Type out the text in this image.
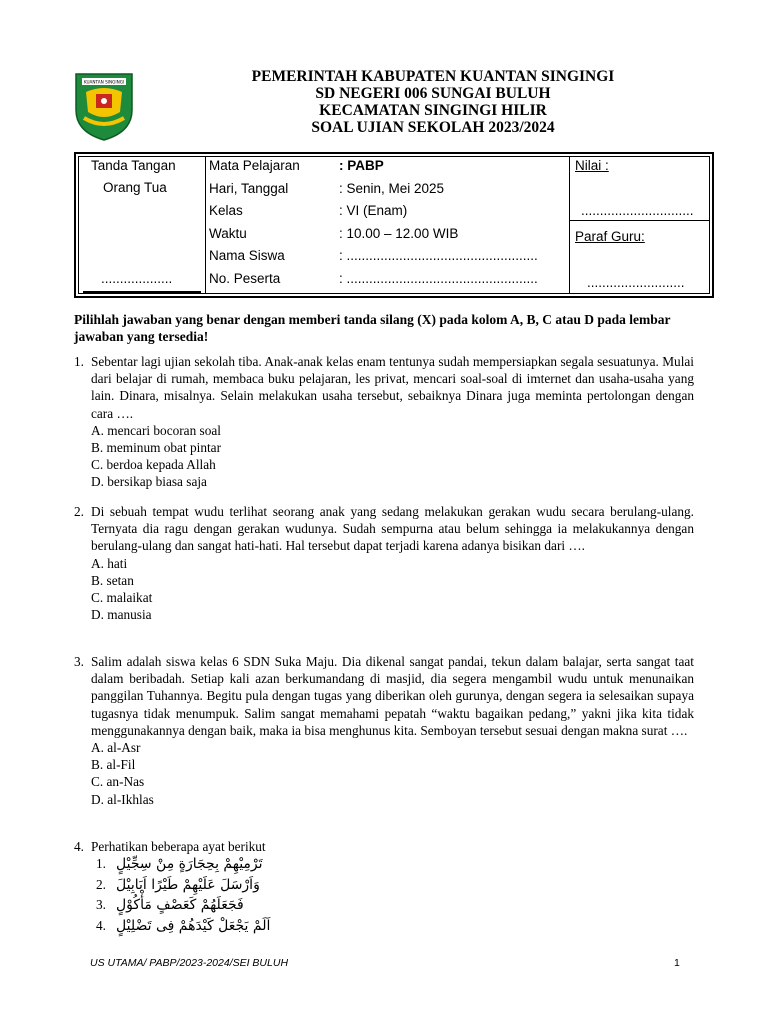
KUANTAN SINGINGI	PEMERINTAH KABUPATEN KUANTAN SINGINGI
SD NEGERI 006 SUNGAI BULUH
KECAMATAN SINGINGI HILIR
SOAL UJIAN SEKOLAH 2023/2024
Tanda Tangan
Orang Tua
...................
Mata Pelajaran	: PABP
Hari, Tanggal	: Senin, Mei 2025
Kelas	: VI (Enam)
Waktu	: 10.00 – 12.00 WIB
Nama Siswa	: ...................................................
No. Peserta	: ...................................................
Nilai :
..............................
Paraf Guru:
..........................
Pilihlah jawaban yang benar dengan memberi tanda silang (X) pada kolom A, B, C atau D pada lembar jawaban yang tersedia!
1. Sebentar lagi ujian sekolah tiba. Anak-anak kelas enam tentunya sudah mempersiapkan segala sesuatunya. Mulai dari belajar di rumah, membaca buku pelajaran, les privat, mencari soal-soal di imternet dan usaha-usaha yang lain. Dinara, misalnya. Selain melakukan usaha tersebut, sebaiknya Dinara juga meminta pertolongan dengan cara ….
A. mencari bocoran soal
B. meminum obat pintar
C. berdoa kepada Allah
D. bersikap biasa saja
2. Di sebuah tempat wudu terlihat seorang anak yang sedang melakukan gerakan wudu secara berulang-ulang. Ternyata dia ragu dengan gerakan wudunya. Sudah sempurna atau belum sehingga ia melakukannya dengan berulang-ulang dan sangat hati-hati. Hal tersebut dapat terjadi karena adanya bisikan dari ….
A. hati
B. setan
C. malaikat
D. manusia
3. Salim adalah siswa kelas 6 SDN Suka Maju. Dia dikenal sangat pandai, tekun dalam balajar, serta sangat taat dalam beribadah. Setiap kali azan berkumandang di masjid, dia segera mengambil wudu untuk menunaikan panggilan Tuhannya. Begitu pula dengan tugas yang diberikan oleh gurunya, dengan segera ia selesaikan supaya tugasnya tidak menumpuk. Salim sangat memahami pepatah “waktu bagaikan pedang,” yakni jika kita tidak menggunakannya dengan baik, maka ia bisa menghunus kita. Semboyan tersebut sesuai dengan makna surat ….
A. al-Asr
B. al-Fil
C. an-Nas
D. al-Ikhlas
4. Perhatikan beberapa ayat berikut
1. تَرْمِيْهِمْ بِحِجَارَةٍ مِنْ سِجِّيْلٍ
2. وَاَرْسَلَ عَلَيْهِمْ طَيْرًا اَبَابِيْلَ
3. فَجَعَلَهُمْ كَعَصْفٍ مَأْكُوْلٍ
4. اَلَمْ يَجْعَلْ كَيْدَهُمْ فِى تَضْلِيْلٍ
US UTAMA/ PABP/2023-2024/SEI BULUH	1
